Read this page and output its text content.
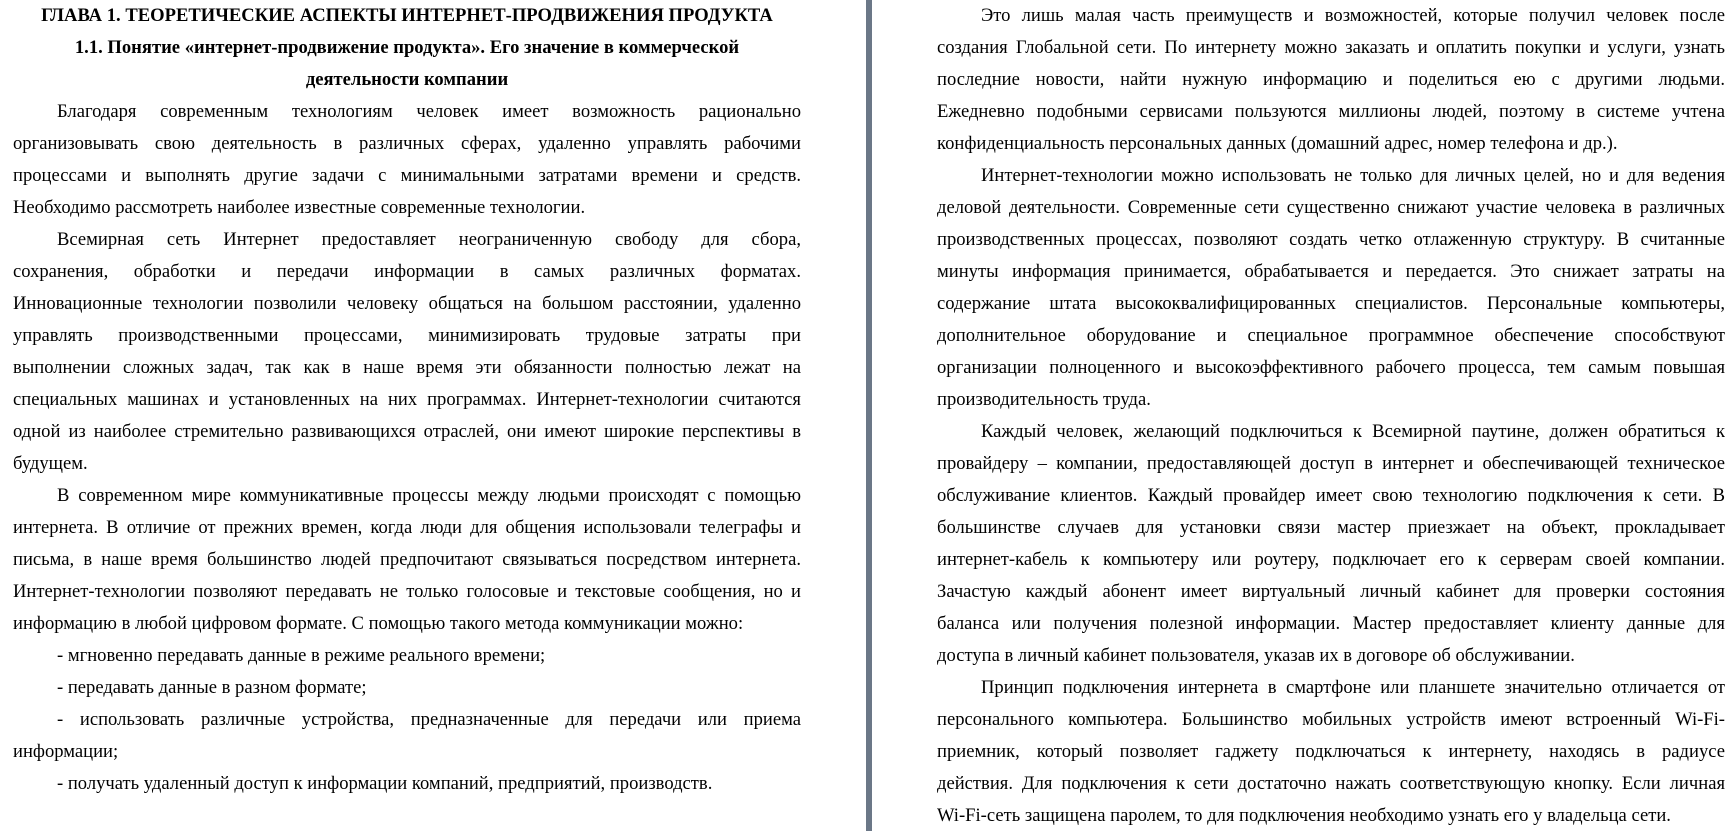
ГЛАВА 1. ТЕОРЕТИЧЕСКИЕ АСПЕКТЫ ИНТЕРНЕТ-ПРОДВИЖЕНИЯ ПРОДУКТА
1.1. Понятие «интернет-продвижение продукта». Его значение в коммерческой
деятельности компании
Благодаря современным технологиям человек имеет возможность рационально
организовывать свою деятельность в различных сферах, удаленно управлять рабочими
процессами и выполнять другие задачи с минимальными затратами времени и средств.
Необходимо рассмотреть наиболее известные современные технологии.
Всемирная сеть Интернет предоставляет неограниченную свободу для сбора,
сохранения, обработки и передачи информации в самых различных форматах.
Инновационные технологии позволили человеку общаться на большом расстоянии, удаленно
управлять производственными процессами, минимизировать трудовые затраты при
выполнении сложных задач, так как в наше время эти обязанности полностью лежат на
специальных машинах и установленных на них программах. Интернет-технологии считаются
одной из наиболее стремительно развивающихся отраслей, они имеют широкие перспективы в
будущем.
В современном мире коммуникативные процессы между людьми происходят с помощью
интернета. В отличие от прежних времен, когда люди для общения использовали телеграфы и
письма, в наше время большинство людей предпочитают связываться посредством интернета.
Интернет-технологии позволяют передавать не только голосовые и текстовые сообщения, но и
информацию в любой цифровом формате. С помощью такого метода коммуникации можно:
- мгновенно передавать данные в режиме реального времени;
- передавать данные в разном формате;
- использовать различные устройства, предназначенные для передачи или приема
информации;
- получать удаленный доступ к информации компаний, предприятий, производств.
Это лишь малая часть преимуществ и возможностей, которые получил человек после
создания Глобальной сети. По интернету можно заказать и оплатить покупки и услуги, узнать
последние новости, найти нужную информацию и поделиться ею с другими людьми.
Ежедневно подобными сервисами пользуются миллионы людей, поэтому в системе учтена
конфиденциальность персональных данных (домашний адрес, номер телефона и др.).
Интернет-технологии можно использовать не только для личных целей, но и для ведения
деловой деятельности. Современные сети существенно снижают участие человека в различных
производственных процессах, позволяют создать четко отлаженную структуру. В считанные
минуты информация принимается, обрабатывается и передается. Это снижает затраты на
содержание штата высококвалифицированных специалистов. Персональные компьютеры,
дополнительное оборудование и специальное программное обеспечение способствуют
организации полноценного и высокоэффективного рабочего процесса, тем самым повышая
производительность труда.
Каждый человек, желающий подключиться к Всемирной паутине, должен обратиться к
провайдеру – компании, предоставляющей доступ в интернет и обеспечивающей техническое
обслуживание клиентов. Каждый провайдер имеет свою технологию подключения к сети. В
большинстве случаев для установки связи мастер приезжает на объект, прокладывает
интернет-кабель к компьютеру или роутеру, подключает его к серверам своей компании.
Зачастую каждый абонент имеет виртуальный личный кабинет для проверки состояния
баланса или получения полезной информации. Мастер предоставляет клиенту данные для
доступа в личный кабинет пользователя, указав их в договоре об обслуживании.
Принцип подключения интернета в смартфоне или планшете значительно отличается от
персонального компьютера. Большинство мобильных устройств имеют встроенный Wi-Fi-
приемник, который позволяет гаджету подключаться к интернету, находясь в радиусе
действия. Для подключения к сети достаточно нажать соответствующую кнопку. Если личная
Wi-Fi-сеть защищена паролем, то для подключения необходимо узнать его у владельца сети.
